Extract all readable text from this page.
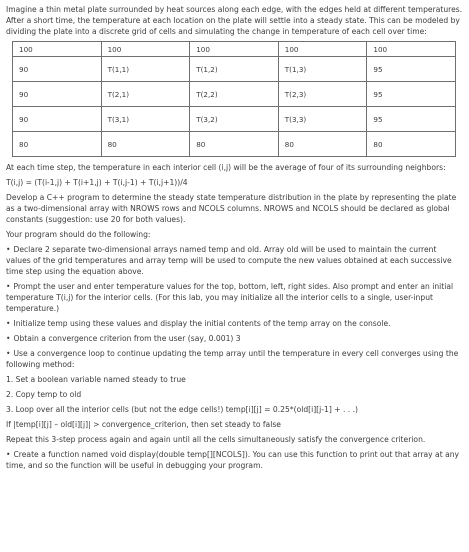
Imagine a thin metal plate surrounded by heat sources along each edge, with the edges held at different temperatures. After a short time, the temperature at each location on the plate will settle into a steady state. This can be modeled by dividing the plate into a discrete grid of cells and simulating the change in temperature of each cell over time:

100	100	100	100	100
90	T(1,1)	T(1,2)	T(1,3)	95
90	T(2,1)	T(2,2)	T(2,3)	95
90	T(3,1)	T(3,2)	T(3,3)	95
80	80	80	80	80

At each time step, the temperature in each interior cell (i,j) will be the average of four of its surrounding neighbors:

T(i,j) = (T(i-1,j) + T(i+1,j) + T(i,j-1) + T(i,j+1))/4

Develop a C++ program to determine the steady state temperature distribution in the plate by representing the plate as a two-dimensional array with NROWS rows and NCOLS columns. NROWS and NCOLS should be declared as global constants (suggestion: use 20 for both values).

Your program should do the following:

• Declare 2 separate two-dimensional arrays named temp and old. Array old will be used to maintain the current values of the grid temperatures and array temp will be used to compute the new values obtained at each successive time step using the equation above.

• Prompt the user and enter temperature values for the top, bottom, left, right sides. Also prompt and enter an initial temperature T(i,j) for the interior cells. (For this lab, you may initialize all the interior cells to a single, user-input temperature.)

• Initialize temp using these values and display the initial contents of the temp array on the console.

• Obtain a convergence criterion from the user (say, 0.001) 3

• Use a convergence loop to continue updating the temp array until the temperature in every cell converges using the following method:

1. Set a boolean variable named steady to true

2. Copy temp to old

3. Loop over all the interior cells (but not the edge cells!) temp[i][j] = 0.25*(old[i][j-1] + . . .)

If |temp[i][j] – old[i][j]| > convergence_criterion, then set steady to false

Repeat this 3-step process again and again until all the cells simultaneously satisfy the convergence criterion.

• Create a function named void display(double temp[][NCOLS]). You can use this function to print out that array at any time, and so the function will be useful in debugging your program.
